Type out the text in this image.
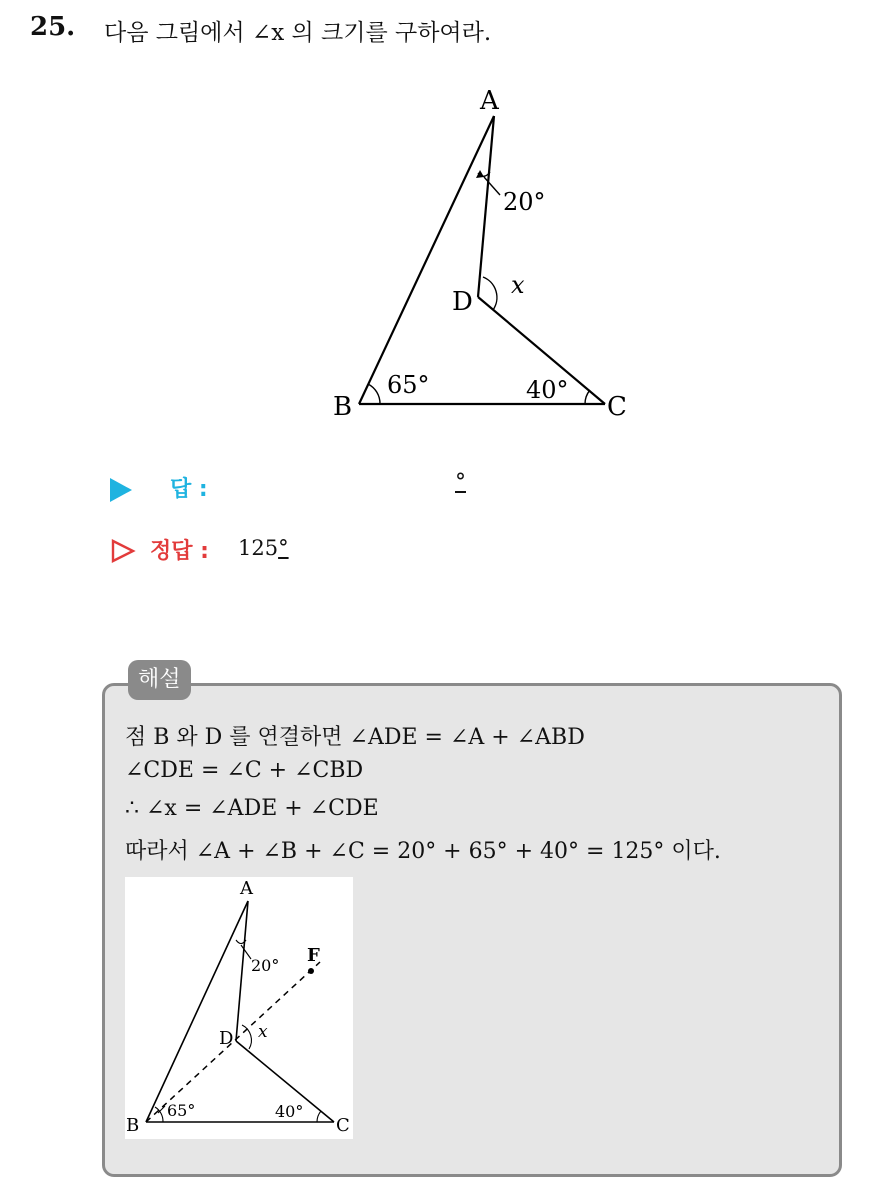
25. 다음 그림에서 ∠x 의 크기를 구하여라.
A
B	C
D
x
20°
65°	40°
답 :	°
정답 : 125°
해설
점 B 와 D 를 연결하면 ∠ADE = ∠A + ∠ABD
∠CDE = ∠C + ∠CBD
∴ ∠x = ∠ADE + ∠CDE
따라서 ∠A + ∠B + ∠C = 20° + 65° + 40° = 125° 이다.
A
B	C
D
F
x
20°
65°	40°
